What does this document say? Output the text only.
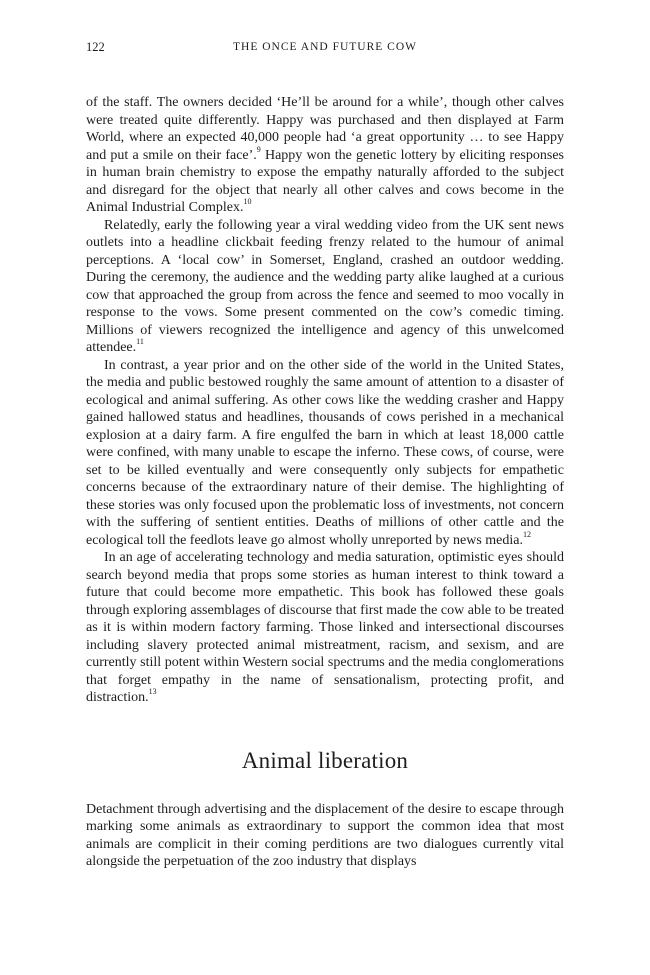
122	THE ONCE AND FUTURE COW

of the staff. The owners decided ‘He’ll be around for a while’, though other calves were treated quite differently. Happy was purchased and then displayed at Farm World, where an expected 40,000 people had ‘a great opportunity … to see Happy and put a smile on their face’.$^9$ Happy won the genetic lottery by eliciting responses in human brain chemistry to expose the empathy naturally afforded to the subject and disregard for the object that nearly all other calves and cows become in the Animal Industrial Complex.$^{10}$

Relatedly, early the following year a viral wedding video from the UK sent news outlets into a headline clickbait feeding frenzy related to the humour of animal perceptions. A ‘local cow’ in Somerset, England, crashed an outdoor wedding. During the ceremony, the audience and the wedding party alike laughed at a curious cow that approached the group from across the fence and seemed to moo vocally in response to the vows. Some present commented on the cow’s comedic timing. Millions of viewers recognized the intelligence and agency of this unwelcomed attendee.$^{11}$

In contrast, a year prior and on the other side of the world in the United States, the media and public bestowed roughly the same amount of attention to a disaster of ecological and animal suffering. As other cows like the wedding crasher and Happy gained hallowed status and headlines, thousands of cows perished in a mechanical explosion at a dairy farm. A fire engulfed the barn in which at least 18,000 cattle were confined, with many unable to escape the inferno. These cows, of course, were set to be killed eventually and were consequently only subjects for empathetic concerns because of the extraordinary nature of their demise. The highlighting of these stories was only focused upon the problematic loss of investments, not concern with the suffering of sentient entities. Deaths of millions of other cattle and the ecological toll the feedlots leave go almost wholly unreported by news media.$^{12}$

In an age of accelerating technology and media saturation, optimistic eyes should search beyond media that props some stories as human interest to think toward a future that could become more empathetic. This book has followed these goals through exploring assemblages of discourse that first made the cow able to be treated as it is within modern factory farming. Those linked and intersectional discourses including slavery protected animal mistreatment, racism, and sexism, and are currently still potent within Western social spectrums and the media conglomerations that forget empathy in the name of sensationalism, protecting profit, and distraction.$^{13}$

Animal liberation

Detachment through advertising and the displacement of the desire to escape through marking some animals as extraordinary to support the common idea that most animals are complicit in their coming perditions are two dialogues currently vital alongside the perpetuation of the zoo industry that displays
